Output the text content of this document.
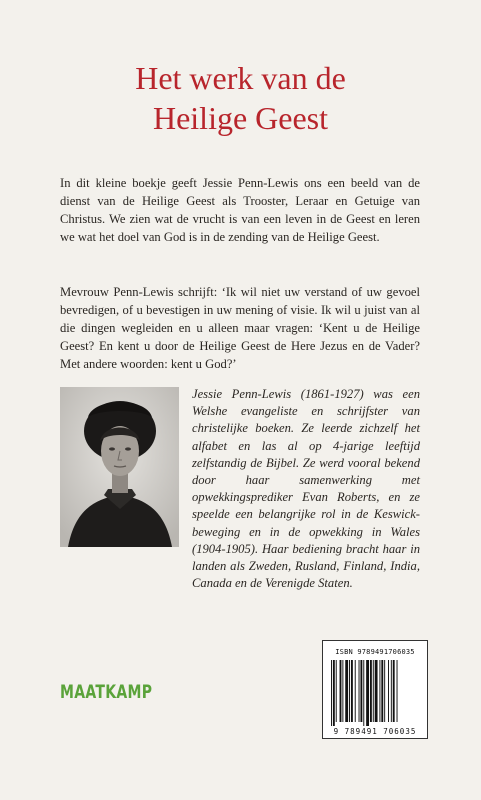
Het werk van de
Heilige Geest

In dit kleine boekje geeft Jessie Penn-Lewis ons een beeld van de dienst van de Heilige Geest als Trooster, Leraar en Getuige van Christus. We zien wat de vrucht is van een leven in de Geest en leren we wat het doel van God is in de zending van de Heilige Geest.

Mevrouw Penn-Lewis schrijft: ‘Ik wil niet uw verstand of uw gevoel bevredigen, of u bevestigen in uw mening of visie. Ik wil u juist van al die dingen wegleiden en u alleen maar vragen: ‘Kent u de Heilige Geest? En kent u door de Heilige Geest de Here Jezus en de Vader? Met andere woorden: kent u God?’

Jessie Penn-Lewis (1861-1927) was een Welshe evangeliste en schrijfster van christelijke boeken. Ze leerde zichzelf het alfabet en las al op 4-jarige leeftijd zelfstandig de Bijbel. Ze werd vooral bekend door haar samenwerking met opwekkingsprediker Evan Roberts, en ze speelde een belangrijke rol in de Keswick-beweging en in de opwekking in Wales (1904-1905). Haar bediening bracht haar in landen als Zweden, Rusland, Finland, India, Canada en de Verenigde Staten.

MAATKAMP
ISBN 9789491706035
9 789491 706035
